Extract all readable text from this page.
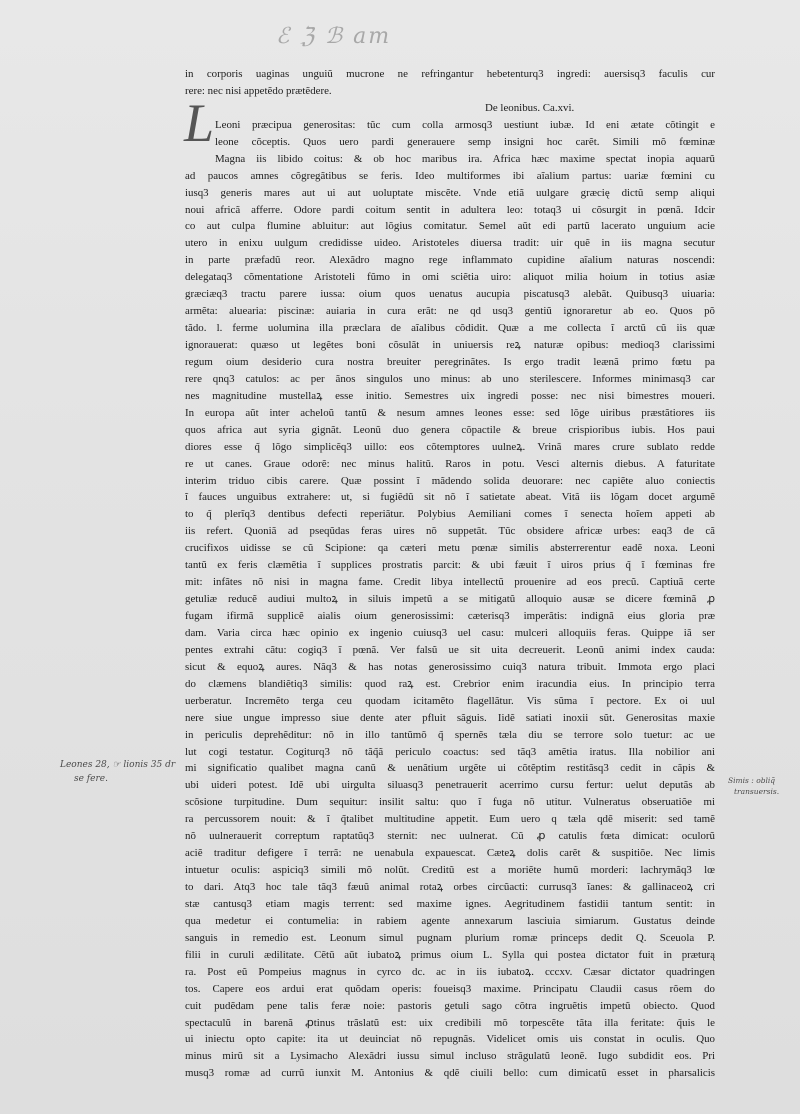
ℰ ℨ ℬ am
L
in corporis uaginas unguiũ mucrone ne refringantur hebetenturq3 ingredi: auersisq3 faculis cur
rere: nec nisi appetẽdo prætẽdere.
De leonibus. Ca.xvi.
Leoni præcipua generositas: tũc cum colla armosq3 uestiunt iubæ. Id eni ætate cõtingit e
leone cõceptis. Quos uero pardi generauere semp insigni hoc carẽt. Simili mõ fœminæ
Magna iis libido coitus: & ob hoc maribus ira. Africa hæc maxime spectat inopia aquarũ
ad paucos amnes cõgregãtibus se feris. Ideo multiformes ibi aĩalium partus: uariæ fœmini cu
iusq3 generis mares aut ui aut uoluptate miscẽte. Vnde etiã uulgare græcię dictũ semp aliqui
noui africã afferre. Odore pardi coitum sentit in adultera leo: totaq3 ui cõsurgit in pœnã. Idcir
co aut culpa flumine abluitur: aut lõgius comitatur. Semel aũt edi partũ lacerato unguium acie
utero in enixu uulgum credidisse uideo. Aristoteles diuersa tradit: uir quẽ in iis magna secutur
in parte præfadũ reor. Alexãdro magno rege inflammato cupidine aĩalium naturas noscendi:
delegataq3 cõmentatione Aristoteli fũmo in omi sciẽtia uiro: aliquot milia hoium in totius asiæ
græciæq3 tractu parere iussa: oium quos uenatus aucupia piscatusq3 alebãt. Quibusq3 uiuaria:
armẽta: aluearia: piscinæ: auiaria in cura erãt: ne qd usq3 gentiũ ignoraretur ab eo. Quos põ
tãdo. l. ferme uolumina illa præclara de aĩalibus cõdidit. Quæ a me collecta ĩ arctũ cũ iis quæ
ignorauerat: quæso ut legẽtes boni cõsulãt in uniuersis reꝝ naturæ opibus: medioq3 clarissimi
regum oium desiderio cura nostra breuiter peregrinãtes. Is ergo tradit leænã primo fœtu pa
rere qnq3 catulos: ac per ãnos singulos uno minus: ab uno sterilescere. Informes minimasq3 car
nes magnitudine mustellaꝝ esse initio. Semestres uix ingredi posse: nec nisi bimestres moueri.
In europa aũt inter acheloũ tantũ & nesum amnes leones esse: sed lõge uiribus præstãtiores iis
quos africa aut syria gignãt. Leonũ duo genera cõpactile & breue crispioribus iubis. Hos paui
diores esse q̃ lõgo simplicẽq3 uillo: eos cõtemptores uulneꝝ. Vrinã mares crure sublato redde
re ut canes. Graue odorẽ: nec minus halitũ. Raros in potu. Vesci alternis diebus. A faturitate
interim triduo cibis carere. Quæ possint ĩ mãdendo solida deuorare: nec capiẽte aluo coniectis
ĩ fauces unguibus extrahere: ut, si fugiẽdũ sit nõ ĩ satietate abeat. Vitã iis lõgam docet argumẽ
to q̃ plerĩq3 dentibus defecti reperiãtur. Polybius Aemiliani comes ĩ senecta hoĩem appeti ab
iis refert. Quoniã ad pseqũdas feras uires nõ suppetãt. Tũc obsidere africæ urbes: eaq3 de cã
crucifixos uidisse se cũ Scipione: qa cæteri metu pœnæ similis absterrerentur eadẽ noxa. Leoni
tantũ ex feris clæmẽtia ĩ supplices prostratis parcit: & ubi fæuit ĩ uiros prius q̃ ĩ fœminas fre
mit: infãtes nõ nisi in magna fame. Credit libya intellectũ prouenire ad eos precũ. Captiuã certe
getuliæ reducẽ audiui multoꝝ in siluis impetũ a se mitigatũ alloquio ausæ se dicere fœminã ꝓ
fugam ifirmã supplicẽ aialis oium generosissimi: cæterisq3 imperãtis: indignã eius gloria præ
dam. Varia circa hæc opinio ex ingenio cuiusq3 uel casu: mulceri alloquiis feras. Quippe iã ser
pentes extrahi cãtu: cogiq3 ĩ pœnã. Ver falsũ ue sit uita decreuerit. Leonũ animi index cauda:
sicut & equoꝝ aures. Nãq3 & has notas generosissimo cuiq3 natura tribuit. Immota ergo placi
do clæmens blandiẽtiq3 similis: quod raꝝ est. Crebrior enim iracundia eius. In principio terra
uerberatur. Incremẽto terga ceu quodam icitamẽto flagellãtur. Vis sũma ĩ pectore. Ex oi uul
nere siue ungue impresso siue dente ater pfluit sãguis. Iidẽ satiati inoxii sũt. Generositas maxie
in periculis deprehẽditur: nõ in illo tantũmõ q̃ spernẽs tæla diu se terrore solo tuetur: ac ue
lut cogi testatur. Cogiturq3 nõ tãq̃ã periculo coactus: sed tãq3 amẽtia iratus. Illa nobilior ani
mi significatio qualibet magna canũ & uenãtium urgẽte ui cõtẽptim restitãsq3 cedit in cãpis &
ubi uideri potest. Idẽ ubi uirgulta siluasq3 penetrauerit acerrimo cursu fertur: uelut deputãs ab
scõsione turpitudine. Dum sequitur: insilit saltu: quo ĩ fuga nõ utitur. Vulneratus obseruatiõe mi
ra percussorem nouit: & ĩ q̃talibet multitudine appetit. Eum uero q tæla qdẽ miserit: sed tamẽ
nõ uulnerauerit correptum raptatũq3 sternit: nec uulnerat. Cũ ꝓ catulis fœta dimicat: oculorũ
aciẽ traditur defigere ĩ terrã: ne uenabula expauescat. Cæteꝝ dolis carẽt & suspitiõe. Nec limis
intuetur oculis: aspiciq3 simili mõ nolũt. Creditũ est a moriẽte humũ morderi: lachrymãq3 lœ
to dari. Atq3 hoc tale tãq3 fæuũ animal rotaꝝ orbes circũacti: currusq3 ĩanes: & gallinaceoꝝ cri
stæ cantusq3 etiam magis terrent: sed maxime ignes. Aegritudinem fastidii tantum sentit: in
qua medetur ei contumelia: in rabiem agente annexarum lasciuia simiarum. Gustatus deinde
sanguis in remedio est. Leonum simul pugnam plurium romæ princeps dedit Q. Sceuola P.
filii in curuli ædilitate. Cẽtũ aũt iubatoꝝ primus oium L. Sylla qui postea dictator fuit in præturą
ra. Post eũ Pompeius magnus in cyrco dc. ac in iis iubatoꝝ. cccxv. Cæsar dictator quadringen
tos. Capere eos ardui erat quõdam operis: foueisq3 maxime. Principatu Claudii casus rõem do
cuit pudẽdam pene talis feræ noie: pastoris getuli sago cõtra ingruẽtis impetũ obiecto. Quod
spectaculũ in barenã ꝓtinus trãslatũ est: uix credibili mõ torpescẽte tãta illa feritate: q̃uis le
ui iniectu opto capite: ita ut deuinciat nõ repugnãs. Videlicet omis uis constat in oculis. Quo
minus mirũ sit a Lysimacho Alexãdri iussu simul incluso strãgulatũ leonẽ. Iugo subdidit eos. Pri
musq3 romæ ad currũ iunxit M. Antonius & qdẽ ciuili bello: cum dimicatũ esset in pharsalicis
Leones 28, ☞ lionis 35 dr
se fere.	Simis : obliq̃
transuersis.
